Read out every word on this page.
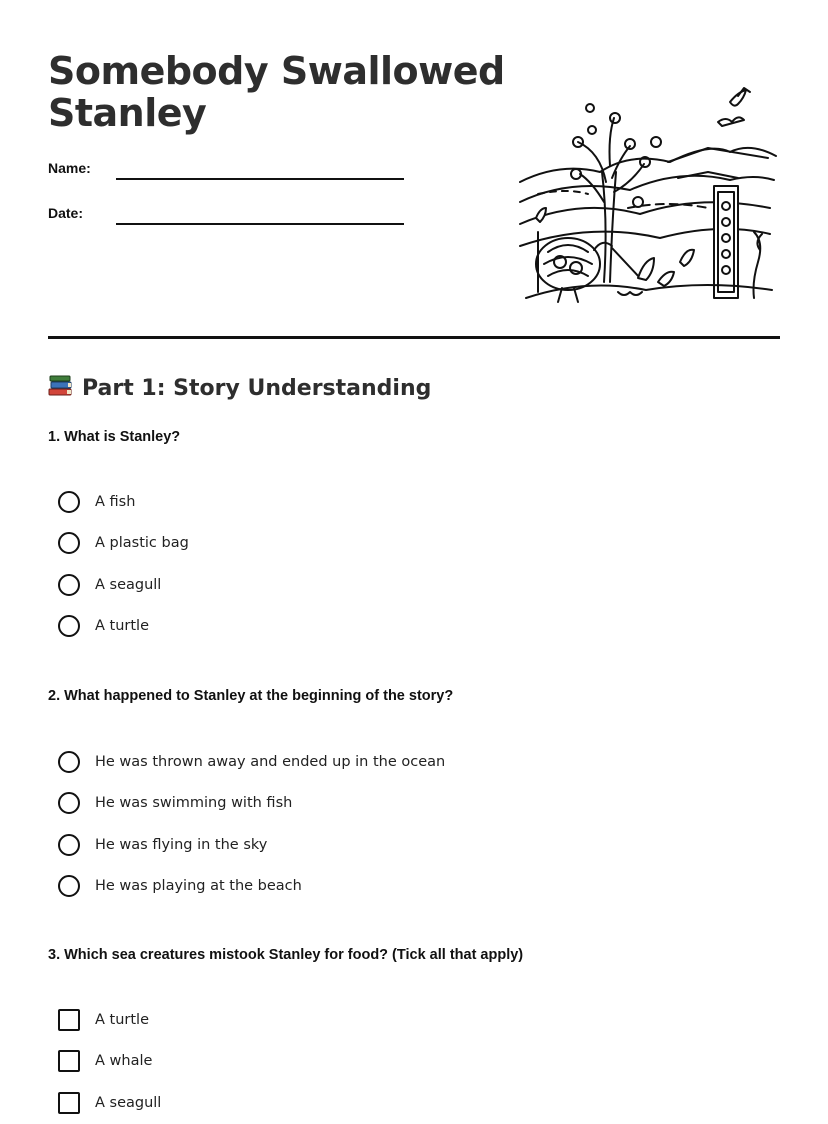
Somebody Swallowed
Stanley
Name:
Date:
Part 1: Story Understanding

1. What is Stanley?

A fish
A plastic bag
A seagull
A turtle

2. What happened to Stanley at the beginning of the story?

He was thrown away and ended up in the ocean
He was swimming with fish
He was flying in the sky
He was playing at the beach

3. Which sea creatures mistook Stanley for food? (Tick all that apply)

A turtle
A whale
A seagull
